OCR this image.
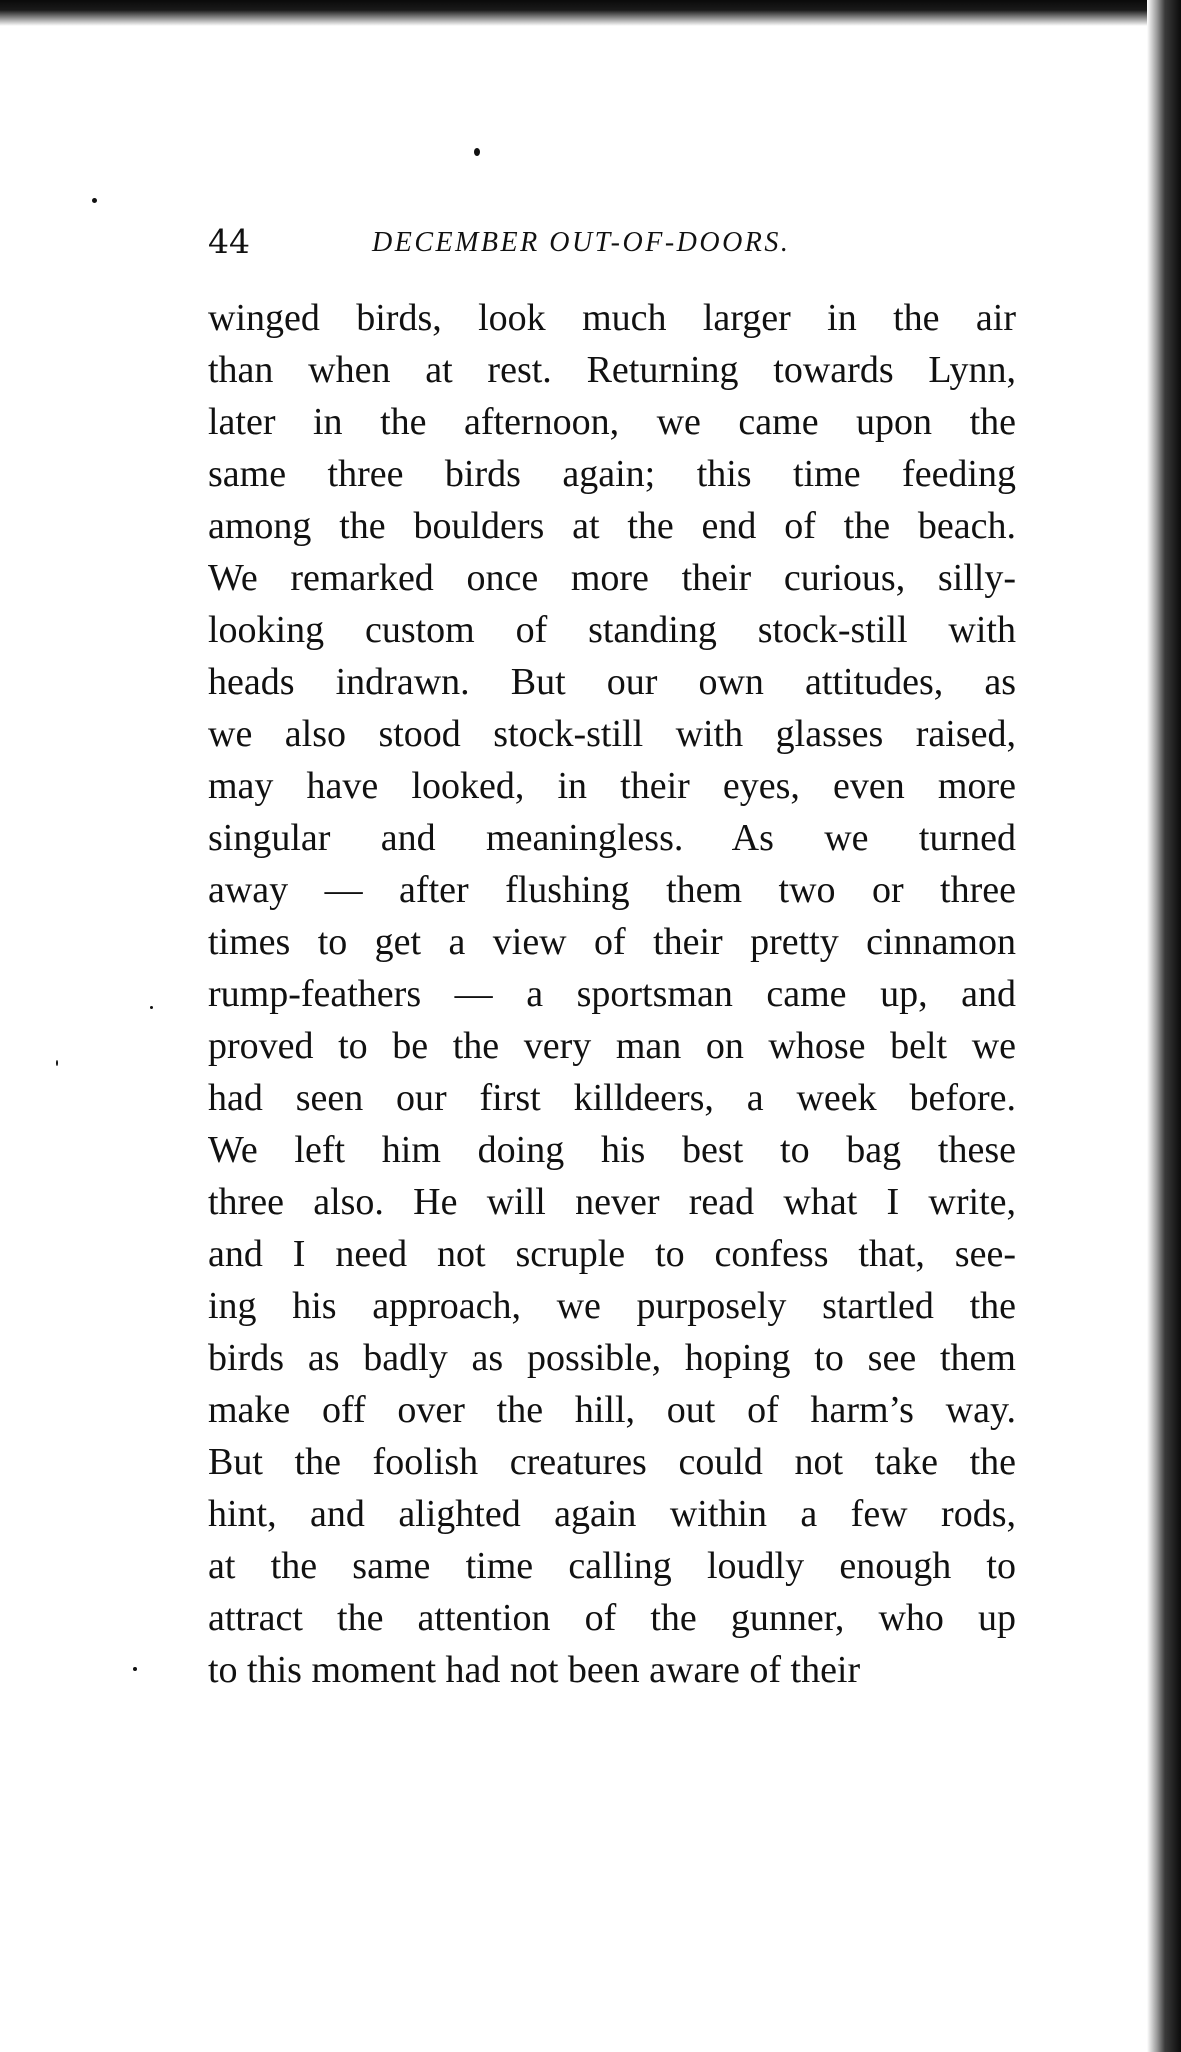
44	DECEMBER OUT-OF-DOORS.
winged birds, look much larger in the air
than when at rest. Returning towards Lynn,
later in the afternoon, we came upon the
same three birds again; this time feeding
among the boulders at the end of the beach.
We remarked once more their curious, silly-
looking custom of standing stock-still with
heads indrawn. But our own attitudes, as
we also stood stock-still with glasses raised,
may have looked, in their eyes, even more
singular and meaningless. As we turned
away — after flushing them two or three
times to get a view of their pretty cinnamon
rump-feathers — a sportsman came up, and
proved to be the very man on whose belt we
had seen our first killdeers, a week before.
We left him doing his best to bag these
three also. He will never read what I write,
and I need not scruple to confess that, see-
ing his approach, we purposely startled the
birds as badly as possible, hoping to see them
make off over the hill, out of harm’s way.
But the foolish creatures could not take the
hint, and alighted again within a few rods,
at the same time calling loudly enough to
attract the attention of the gunner, who up
to this moment had not been aware of their
